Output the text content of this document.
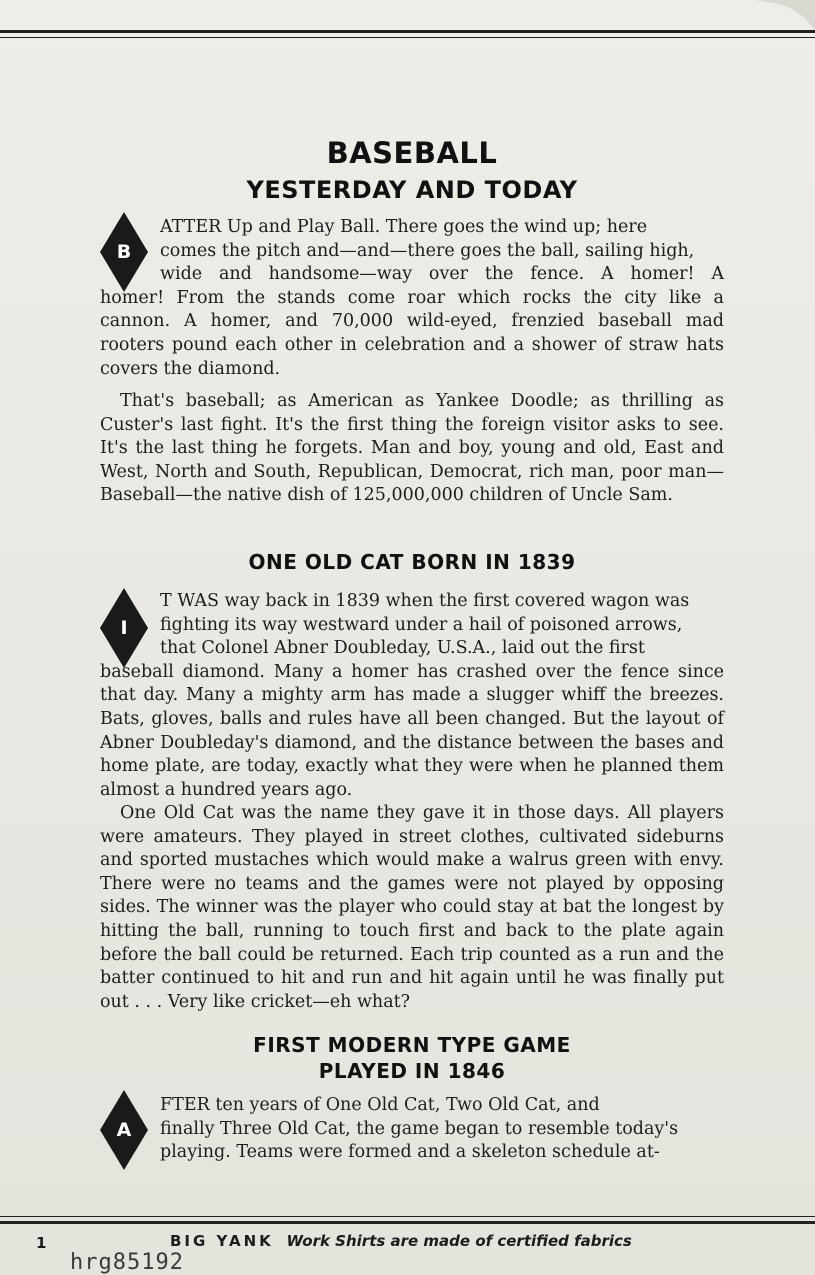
BASEBALL
YESTERDAY AND TODAY
B
ATTER Up and Play Ball. There goes the wind up; here
comes the pitch and—and—there goes the ball, sailing high,
wide and handsome—way over the fence. A homer! A
homer! From the stands come roar which rocks the city like a cannon. A homer, and 70,000 wild-eyed, frenzied baseball mad rooters pound each other in celebration and a shower of straw hats covers the diamond.

That's baseball; as American as Yankee Doodle; as thrilling as Custer's last fight. It's the first thing the foreign visitor asks to see. It's the last thing he forgets. Man and boy, young and old, East and West, North and South, Republican, Democrat, rich man, poor man—Baseball—the native dish of 125,000,000 children of Uncle Sam.

ONE OLD CAT BORN IN 1839
I
T WAS way back in 1839 when the first covered wagon was
fighting its way westward under a hail of poisoned arrows,
that Colonel Abner Doubleday, U.S.A., laid out the first
baseball diamond. Many a homer has crashed over the fence since that day. Many a mighty arm has made a slugger whiff the breezes. Bats, gloves, balls and rules have all been changed. But the layout of Abner Doubleday's diamond, and the distance between the bases and home plate, are today, exactly what they were when he planned them almost a hundred years ago.

One Old Cat was the name they gave it in those days. All players were amateurs. They played in street clothes, cultivated sideburns and sported mustaches which would make a walrus green with envy. There were no teams and the games were not played by opposing sides. The winner was the player who could stay at bat the longest by hitting the ball, running to touch first and back to the plate again before the ball could be returned. Each trip counted as a run and the batter continued to hit and run and hit again until he was finally put out . . . Very like cricket—eh what?

FIRST MODERN TYPE GAME
PLAYED IN 1846
A
FTER ten years of One Old Cat, Two Old Cat, and
finally Three Old Cat, the game began to resemble today's
playing. Teams were formed and a skeleton schedule at-
1	BIG YANK Work Shirts are made of certified fabrics
hrg85192
